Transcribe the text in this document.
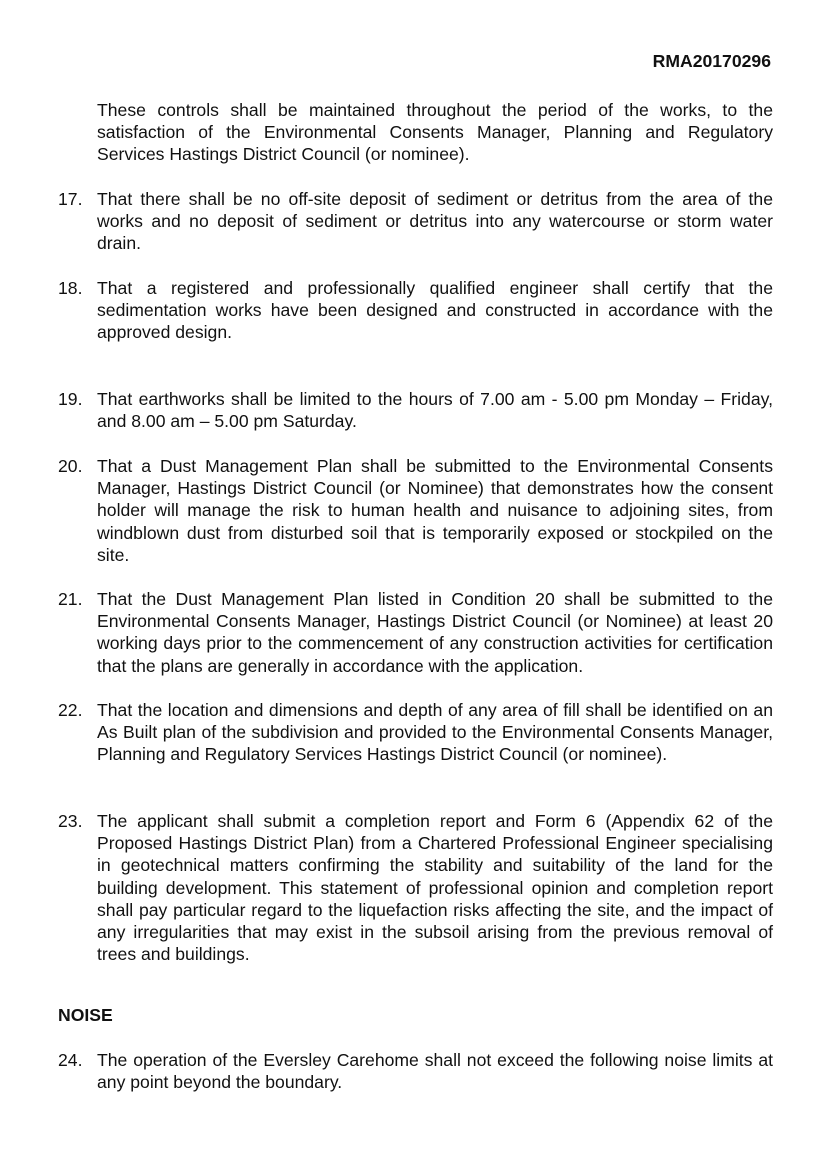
RMA20170296

These controls shall be maintained throughout the period of the works, to the satisfaction of the Environmental Consents Manager, Planning and Regulatory Services Hastings District Council (or nominee).

17. That there shall be no off-site deposit of sediment or detritus from the area of the works and no deposit of sediment or detritus into any watercourse or storm water drain.

18. That a registered and professionally qualified engineer shall certify that the sedimentation works have been designed and constructed in accordance with the approved design.

19. That earthworks shall be limited to the hours of 7.00 am - 5.00 pm Monday – Friday, and 8.00 am – 5.00 pm Saturday.

20. That a Dust Management Plan shall be submitted to the Environmental Consents Manager, Hastings District Council (or Nominee) that demonstrates how the consent holder will manage the risk to human health and nuisance to adjoining sites, from windblown dust from disturbed soil that is temporarily exposed or stockpiled on the site.

21. That the Dust Management Plan listed in Condition 20 shall be submitted to the Environmental Consents Manager, Hastings District Council (or Nominee) at least 20 working days prior to the commencement of any construction activities for certification that the plans are generally in accordance with the application.

22. That the location and dimensions and depth of any area of fill shall be identified on an As Built plan of the subdivision and provided to the Environmental Consents Manager, Planning and Regulatory Services Hastings District Council (or nominee).

23. The applicant shall submit a completion report and Form 6 (Appendix 62 of the Proposed Hastings District Plan) from a Chartered Professional Engineer specialising in geotechnical matters confirming the stability and suitability of the land for the building development. This statement of professional opinion and completion report shall pay particular regard to the liquefaction risks affecting the site, and the impact of any irregularities that may exist in the subsoil arising from the previous removal of trees and buildings.

NOISE
24. The operation of the Eversley Carehome shall not exceed the following noise limits at any point beyond the boundary.
